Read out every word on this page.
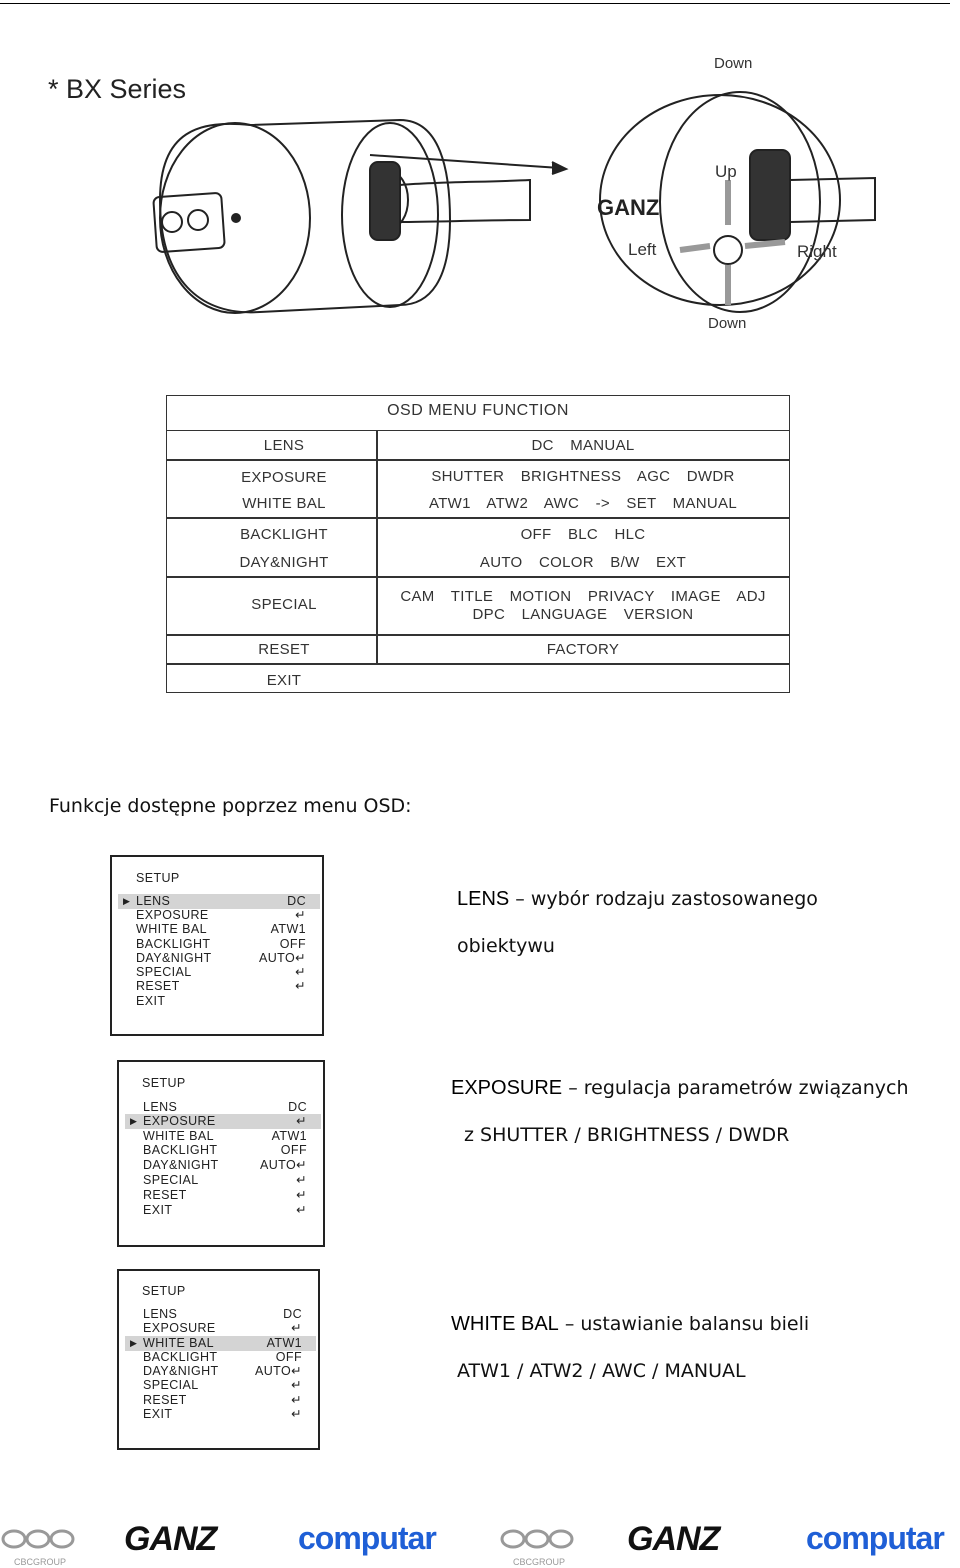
* BX Series
GANZ
Down
Up
Left	Right
Down
OSD MENU FUNCTION
LENS	DC MANUAL
EXPOSURE	SHUTTER BRIGHTNESS AGC DWDR
WHITE BAL	ATW1 ATW2 AWC -> SET MANUAL
BACKLIGHT	OFF BLC HLC
DAY&NIGHT	AUTO COLOR B/W EXT
SPECIAL	CAM TITLE MOTION PRIVACY IMAGE ADJ
DPC LANGUAGE VERSION
RESET	FACTORY
EXIT
Funkcje dostępne poprzez menu OSD:
SETUP
▶ LENS	DC
EXPOSURE	↵
WHITE BAL	ATW1
BACKLIGHT	OFF
DAY&NIGHT	AUTO↵
SPECIAL	↵
RESET	↵
EXIT
LENS – wybór rodzaju zastosowanego
obiektywu
SETUP
LENS	DC
▶ EXPOSURE	↵
WHITE BAL	ATW1
BACKLIGHT	OFF
DAY&NIGHT	AUTO↵
SPECIAL	↵
RESET	↵
EXIT	↵
EXPOSURE – regulacja parametrów związanych
z SHUTTER / BRIGHTNESS / DWDR
SETUP
LENS	DC
EXPOSURE	↵
▶ WHITE BAL	ATW1
BACKLIGHT	OFF
DAY&NIGHT	AUTO↵
SPECIAL	↵
RESET	↵
EXIT	↵
WHITE BAL – ustawianie balansu bieli
ATW1 / ATW2 / AWC / MANUAL
CBCGROUP
GANZ	computar
CBCGROUP
GANZ	computar
